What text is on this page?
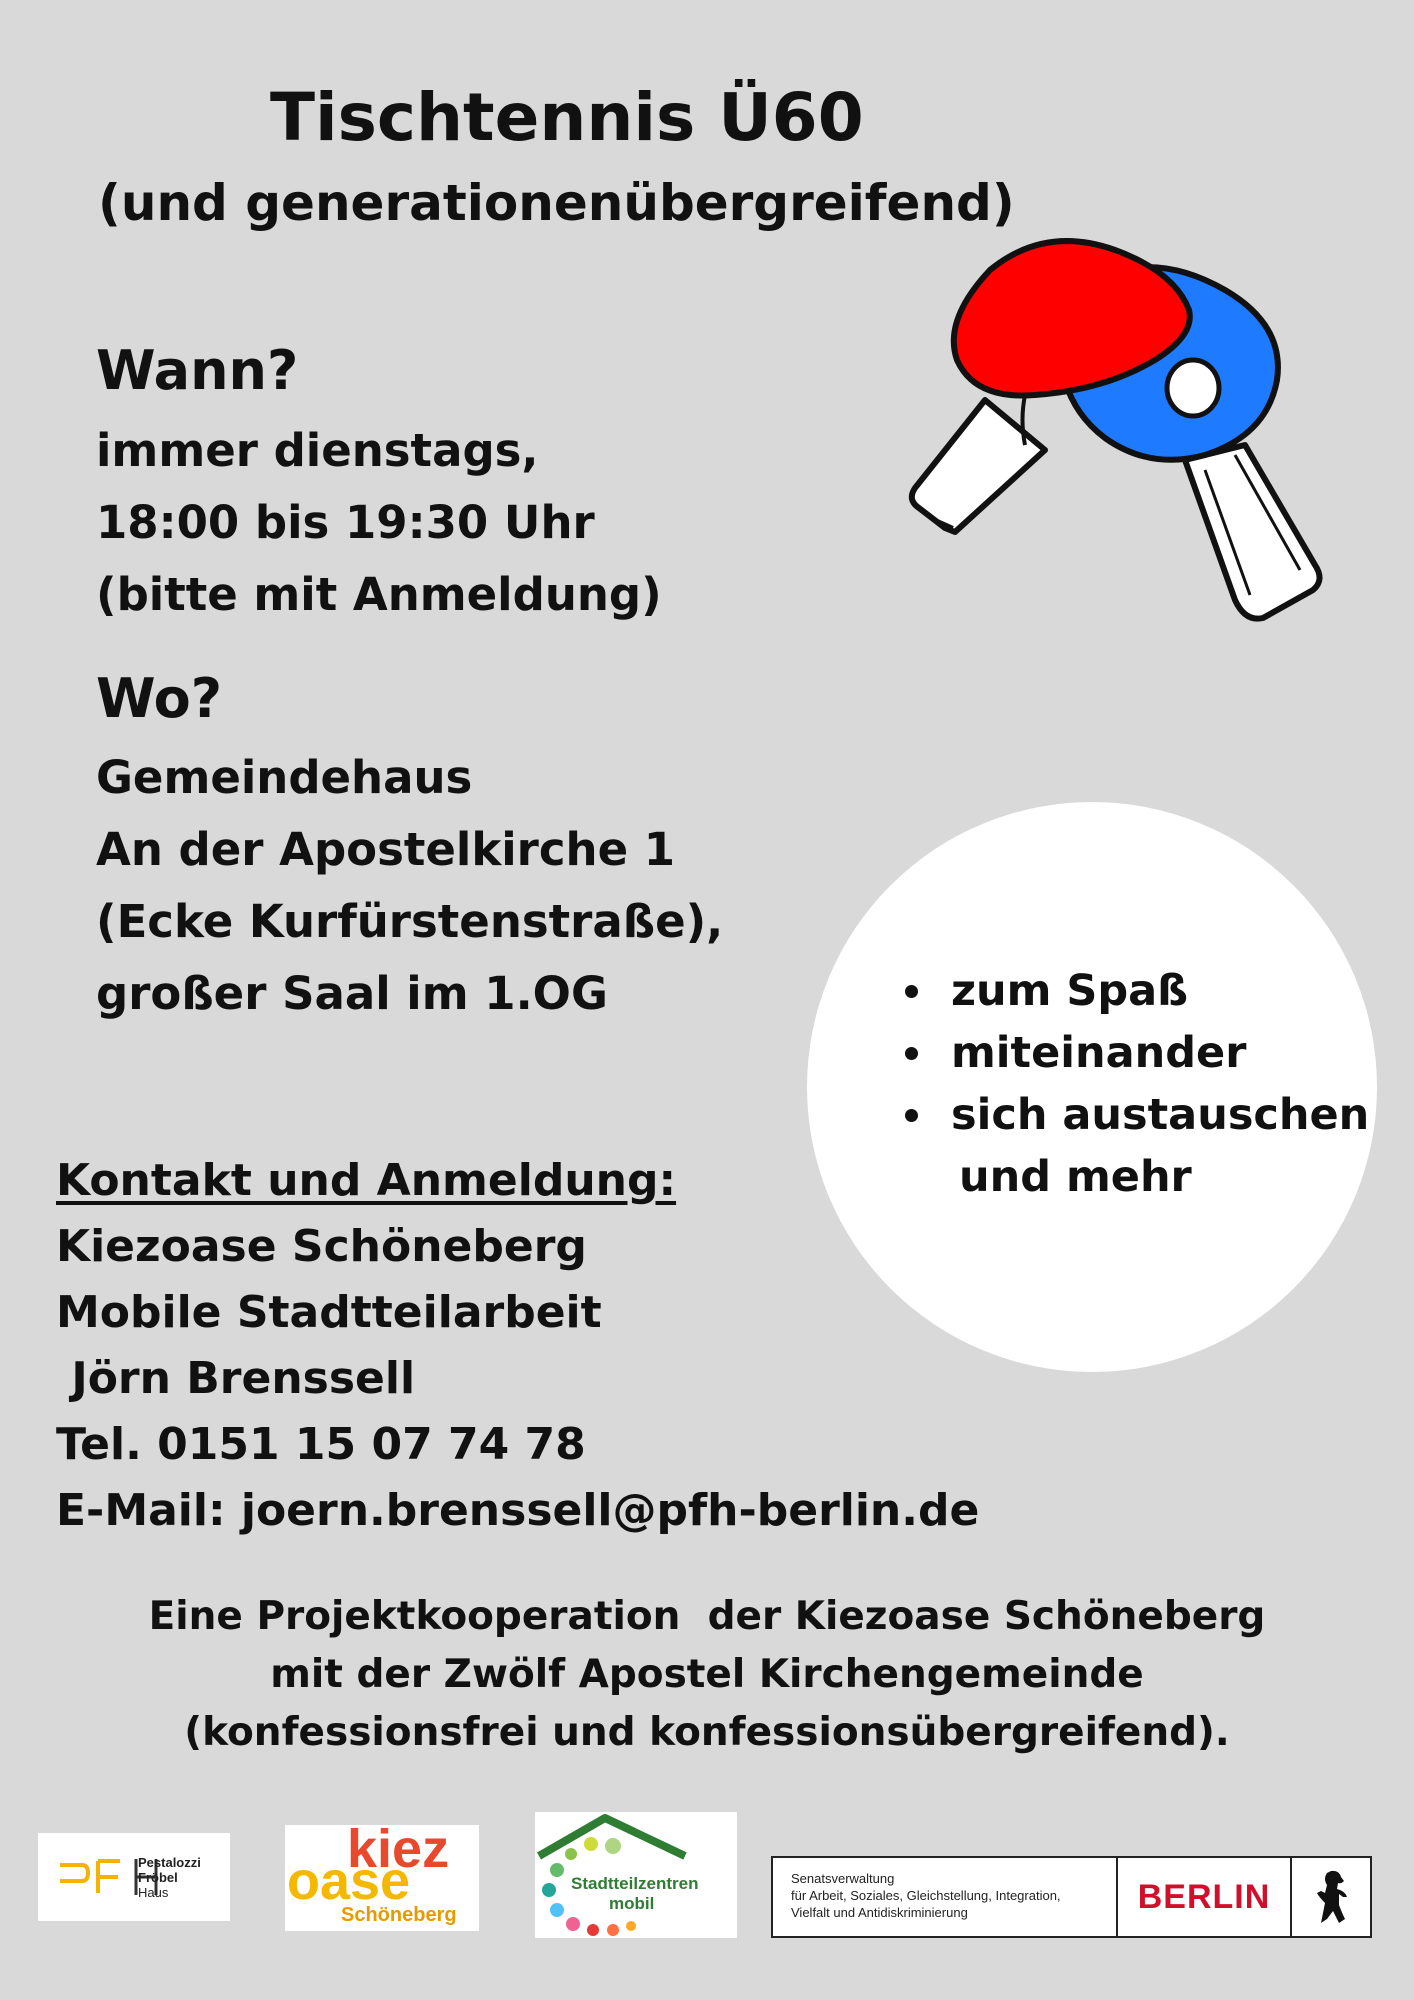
Tischtennis Ü60
(und generationenübergreifend)
Wann?
immer dienstags,
18:00 bis 19:30 Uhr
(bitte mit Anmeldung)
Wo?
Gemeindehaus
An der Apostelkirche 1
(Ecke Kurfürstenstraße),
großer Saal im 1.OG	zum Spaß
miteinander
sich austauschen
und mehr
Kontakt und Anmeldung:
Kiezoase Schöneberg
Mobile Stadtteilarbeit
Jörn Brenssell
Tel. 0151 15 07 74 78
E-Mail: joern.brenssell@pfh-berlin.de
Eine Projektkooperation  der Kiezoase Schöneberg
mit der Zwölf Apostel Kirchengemeinde
(konfessionsfrei und konfessionsübergreifend).
Pestalozzi
Fröbel
Haus
kiez
oase
Schöneberg
Stadtteilzentren
mobil
Senatsverwaltung
für Arbeit, Soziales, Gleichstellung, Integration,
Vielfalt und Antidiskriminierung	BERLIN
